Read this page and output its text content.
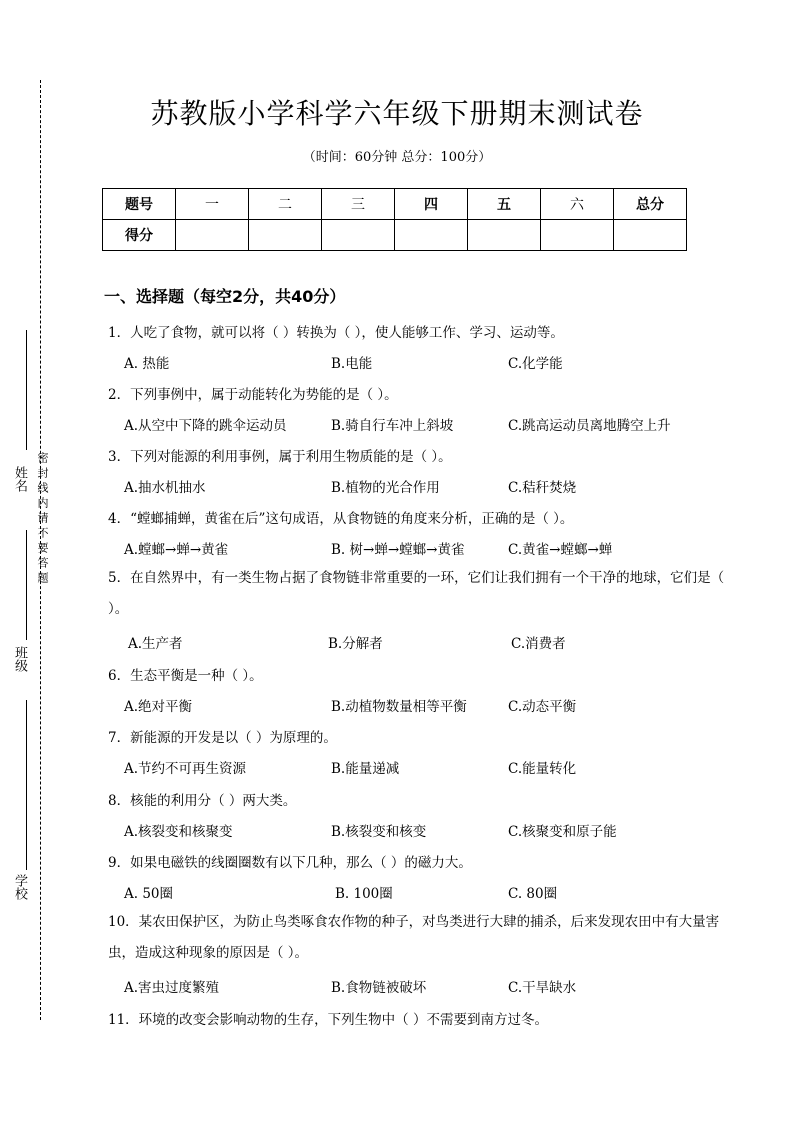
姓名
班级
学校
密封线内请不要答题
苏教版小学科学六年级下册期末测试卷
（时间：60分钟 总分：100分）
题号	一	二	三	四	五	六	总分
得分							
一、选择题（每空2分，共40分）
1．人吃了食物，就可以将（ ）转换为（ ），使人能够工作、学习、运动等。
A. 热能	B.电能	C.化学能
2．下列事例中，属于动能转化为势能的是（ ）。
A.从空中下降的跳伞运动员	B.骑自行车冲上斜坡	C.跳高运动员离地腾空上升
3．下列对能源的利用事例，属于利用生物质能的是（ ）。
A.抽水机抽水	B.植物的光合作用	C.秸秆焚烧
4．“螳螂捕蝉，黄雀在后”这句成语，从食物链的角度来分析，正确的是（ ）。
A.螳螂→蝉→黄雀	B. 树→蝉→螳螂→黄雀	C.黄雀→螳螂→蝉
5．在自然界中，有一类生物占据了食物链非常重要的一环，它们让我们拥有一个干净的地球，它们是（ ）。
A.生产者	B.分解者	C.消费者
6．生态平衡是一种（ ）。
A.绝对平衡	B.动植物数量相等平衡	C.动态平衡
7．新能源的开发是以（ ）为原理的。
A.节约不可再生资源	B.能量递减	C.能量转化
8．核能的利用分（ ）两大类。
A.核裂变和核聚变	B.核裂变和核变	C.核聚变和原子能
9．如果电磁铁的线圈圈数有以下几种，那么（ ）的磁力大。
A. 50圈	B. 100圈	C. 80圈
10．某农田保护区，为防止鸟类啄食农作物的种子，对鸟类进行大肆的捕杀，后来发现农田中有大量害虫，造成这种现象的原因是（ ）。
A.害虫过度繁殖	B.食物链被破坏	C.干旱缺水
11．环境的改变会影响动物的生存，下列生物中（ ）不需要到南方过冬。
